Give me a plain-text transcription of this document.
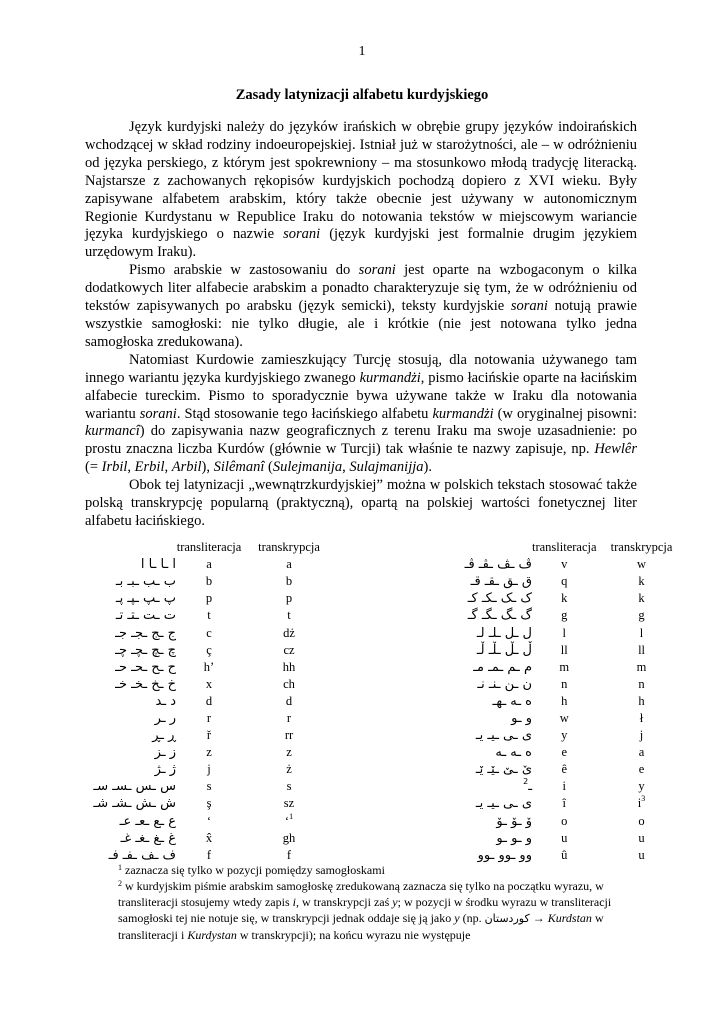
1
Zasady latynizacji alfabetu kurdyjskiego

Język kurdyjski należy do języków irańskich w obrębie grupy języków indoirańskich wchodzącej w skład rodziny indoeuropejskiej. Istniał już w starożytności, ale – w odróżnieniu od języka perskiego, z którym jest spokrewniony – ma stosunkowo młodą tradycję literacką. Najstarsze z zachowanych rękopisów kurdyjskich pochodzą dopiero z XVI wieku. Były zapisywane alfabetem arabskim, który także obecnie jest używany w autonomicznym Regionie Kurdystanu w Republice Iraku do notowania tekstów w miejscowym wariancie języka kurdyjskiego o nazwie sorani (język kurdyjski jest formalnie drugim językiem urzędowym Iraku).

Pismo arabskie w zastosowaniu do sorani jest oparte na wzbogaconym o kilka dodatkowych liter alfabecie arabskim a ponadto charakteryzuje się tym, że w odróżnieniu od tekstów zapisywanych po arabsku (język semicki), teksty kurdyjskie sorani notują prawie wszystkie samogłoski: nie tylko długie, ale i krótkie (nie jest notowana tylko jedna samogłoska zredukowana).

Natomiast Kurdowie zamieszkujący Turcję stosują, dla notowania używanego tam innego wariantu języka kurdyjskiego zwanego kurmandżi, pismo łacińskie oparte na łacińskim alfabecie tureckim. Pismo to sporadycznie bywa używane także w Iraku dla notowania wariantu sorani. Stąd stosowanie tego łacińskiego alfabetu kurmandżi (w oryginalnej pisowni: kurmancî) do zapisywania nazw geograficznych z terenu Iraku ma swoje uzasadnienie: po prostu znaczna liczba Kurdów (głównie w Turcji) tak właśnie te nazwy zapisuje, np. Hewlêr (= Irbil, Erbil, Arbil), Silêmanî (Sulejmanija, Sulajmanijja).

Obok tej latynizacji „wewnątrzkurdyjskiej” można w polskich tekstach stosować także polską transkrypcję popularną (praktyczną), opartą na polskiej wartości fonetycznej liter alfabetu łacińskiego.

	transliteracja	transkrypcja			transliteracja	transkrypcja
ا ـا ـا ا	a	a		ڤ ـڤ ـڤـ ڤـ	v	w
ب ـب ـبـ بـ	b	b		ق ـق ـقـ قـ	q	k
پ ـپ ـپـ پـ	p	p		ک ـک ـکـ کـ	k	k
ت ـت ـتـ تـ	t	t		گ ـگ ـگـ گـ	g	g
ج ـج ـجـ جـ	c	dż		ل ـل ـلـ لـ	l	l
چ ـچ ـچـ چـ	ç	cz		ڵ ـڵ ـڵـ ڵـ	ll	ll
ح ـح ـحـ حـ	h’	hh		م ـم ـمـ مـ	m	m
خ ـخ ـخـ خـ	x	ch		ن ـن ـنـ نـ	n	n
د ـد	d	d		ه ـه ـهـ	h	h
ر ـر	r	r		و ـو	w	ł
ڕ ـڕ	ř	rr		ی ـی ـیـ یـ	y	j
ز ـز	z	z		ە ـە ـە	e	a
ژ ـژ	j	ż		ێ ـێ ـێـ ێـ	ê	e
س ـس ـسـ سـ	s	s		ـ$^2$	i	y
ش ـش ـشـ شـ	ş	sz		ی ـی ـیـ یـ	î	$i^3$
ع ـع ـعـ عـ	‘	‘$^1$		ۆ ـۆ ـۆ	o	o
غ ـغ ـغـ غـ	x̂	gh		و ـو ـو	u	u
ف ـف ـفـ فـ	f	f		وو ـوو ـوو	û	u
$^1$ zaznacza się tylko w pozycji pomiędzy samogłoskami
$^2$ w kurdyjskim piśmie arabskim samogłoskę zredukowaną zaznacza się tylko na początku wyrazu, w transliteracji stosujemy wtedy zapis i, w transkrypcji zaś y; w pozycji w środku wyrazu w transliteracji samogłoski tej nie notuje się, w transkrypcji jednak oddaje się ją jako y (np. کوردستان → Kurdstan w transliteracji i Kurdystan w transkrypcji); na końcu wyrazu nie występuje
